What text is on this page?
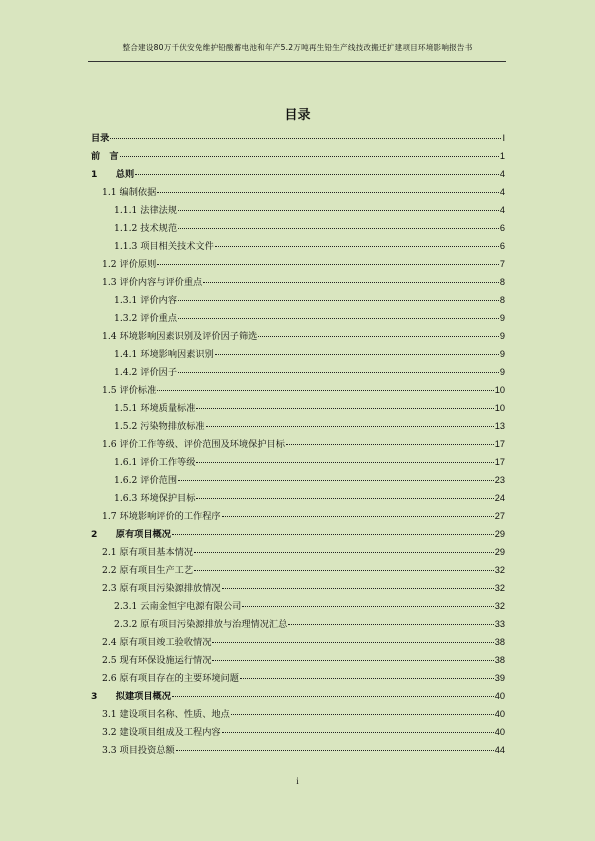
整合建设80万千伏安免维护铅酸蓄电池和年产5.2万吨再生铅生产线技改搬迁扩建项目环境影响报告书
目录
目录	I
前　言	1
1　　总则	4
1.1 编制依据	4
1.1.1 法律法规	4
1.1.2 技术规范	6
1.1.3 项目相关技术文件	6
1.2 评价原则	7
1.3 评价内容与评价重点	8
1.3.1 评价内容	8
1.3.2 评价重点	9
1.4 环境影响因素识别及评价因子筛选	9
1.4.1 环境影响因素识别	9
1.4.2 评价因子	9
1.5 评价标准	10
1.5.1 环境质量标准	10
1.5.2 污染物排放标准	13
1.6 评价工作等级、评价范围及环境保护目标	17
1.6.1 评价工作等级	17
1.6.2 评价范围	23
1.6.3 环境保护目标	24
1.7 环境影响评价的工作程序	27
2　　原有项目概况	29
2.1 原有项目基本情况	29
2.2 原有项目生产工艺	32
2.3 原有项目污染源排放情况	32
2.3.1 云南金恒宇电源有限公司	32
2.3.2 原有项目污染源排放与治理情况汇总	33
2.4 原有项目竣工验收情况	38
2.5 现有环保设施运行情况	38
2.6 原有项目存在的主要环境问题	39
3　　拟建项目概况	40
3.1 建设项目名称、性质、地点	40
3.2 建设项目组成及工程内容	40
3.3 项目投资总额	44
i
